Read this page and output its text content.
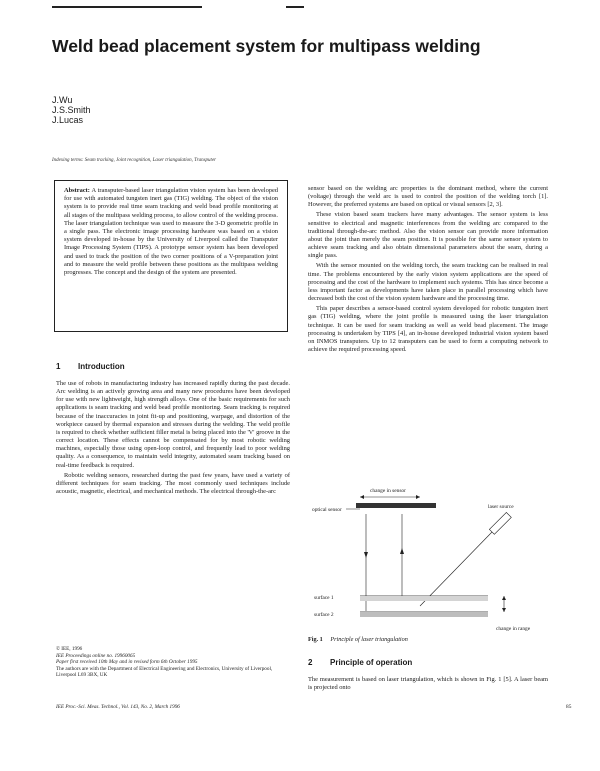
Weld bead placement system for multipass welding
J.Wu
J.S.Smith
J.Lucas
Indexing terms: Seam tracking, Joint recognition, Laser triangulation, Transputer

Abstract: A transputer-based laser triangulation vision system has been developed for use with automated tungsten inert gas (TIG) welding. The object of the vision system is to provide real time seam tracking and weld bead profile monitoring at all stages of the multipass welding process, to allow control of the welding process. The laser triangulation technique was used to measure the 3-D geometric profile in a single pass. The electronic image processing hardware was based on a vision system developed in-house by the University of Liverpool called the Transputer Image Processing System (TIPS). A prototype sensor system has been developed and used to track the position of the two corner positions of a V-preparation joint and to measure the weld profile between these positions as the multipass welding progresses. The concept and the design of the system are presented.

1 Introduction

The use of robots in manufacturing industry has increased rapidly during the past decade. Arc welding is an actively growing area and many new procedures have been developed for use with new lightweight, high strength alloys. One of the basic requirements for such applications is seam tracking and weld bead profile monitoring. Seam tracking is required because of the inaccuracies in joint fit-up and positioning, warpage, and distortion of the workpiece caused by thermal expansion and stresses during the welding. The weld profile is required to check whether sufficient filler metal is being placed into the 'V' groove in the correct location. These effects cannot be compensated for by most robotic welding machines, especially those using open-loop control, and frequently lead to poor welding quality. As a consequence, to maintain weld integrity, automated seam tracking based on real-time feedback is required.

Robotic welding sensors, researched during the past few years, have used a variety of different techniques for seam tracking. The most commonly used techniques include acoustic, magnetic, electrical, and mechanical methods. The electrical through-the-arc

© IEE, 1996
IEE Proceedings online no. 19960065
Paper first received 10th May and in revised form 6th October 1995
The authors are with the Department of Electrical Engineering and Electronics, University of Liverpool, Liverpool L69 3BX, UK
IEE Proc.-Sci. Meas. Technol., Vol. 143, No. 2, March 1996	85

sensor based on the welding arc properties is the dominant method, where the current (voltage) through the weld arc is used to control the position of the welding torch [1]. However, the preferred systems are based on optical or visual sensors [2, 3].

These vision based seam trackers have many advantages. The sensor system is less sensitive to electrical and magnetic interferences from the welding arc compared to the traditional through-the-arc method. Also the vision sensor can provide more information about the joint than merely the seam position. It is possible for the same sensor system to achieve seam tracking and also obtain dimensional parameters about the seam, during a single pass.

With the sensor mounted on the welding torch, the seam tracking can be realised in real time. The problems encountered by the early vision system applications are the speed of processing and the cost of the hardware to implement such systems. This has since become a less important factor as developments have taken place in parallel processing which have decreased both the cost of the vision system hardware and the processing time.

This paper describes a sensor-based control system developed for robotic tungsten inert gas (TIG) welding, where the joint profile is measured using the laser triangulation technique. It can be used for seam tracking as well as weld bead placement. The image processing is undertaken by TIPS [4], an in-house developed industrial vision system based on INMOS transputers. Up to 12 transputers can be used to form a computing network to achieve the required processing speed.

change in sensor
optical sensor	laser source
surface 1
surface 2
change in range
Fig. 1 Principle of laser triangulation
2 Principle of operation

The measurement is based on laser triangulation, which is shown in Fig. 1 [5]. A laser beam is projected onto
